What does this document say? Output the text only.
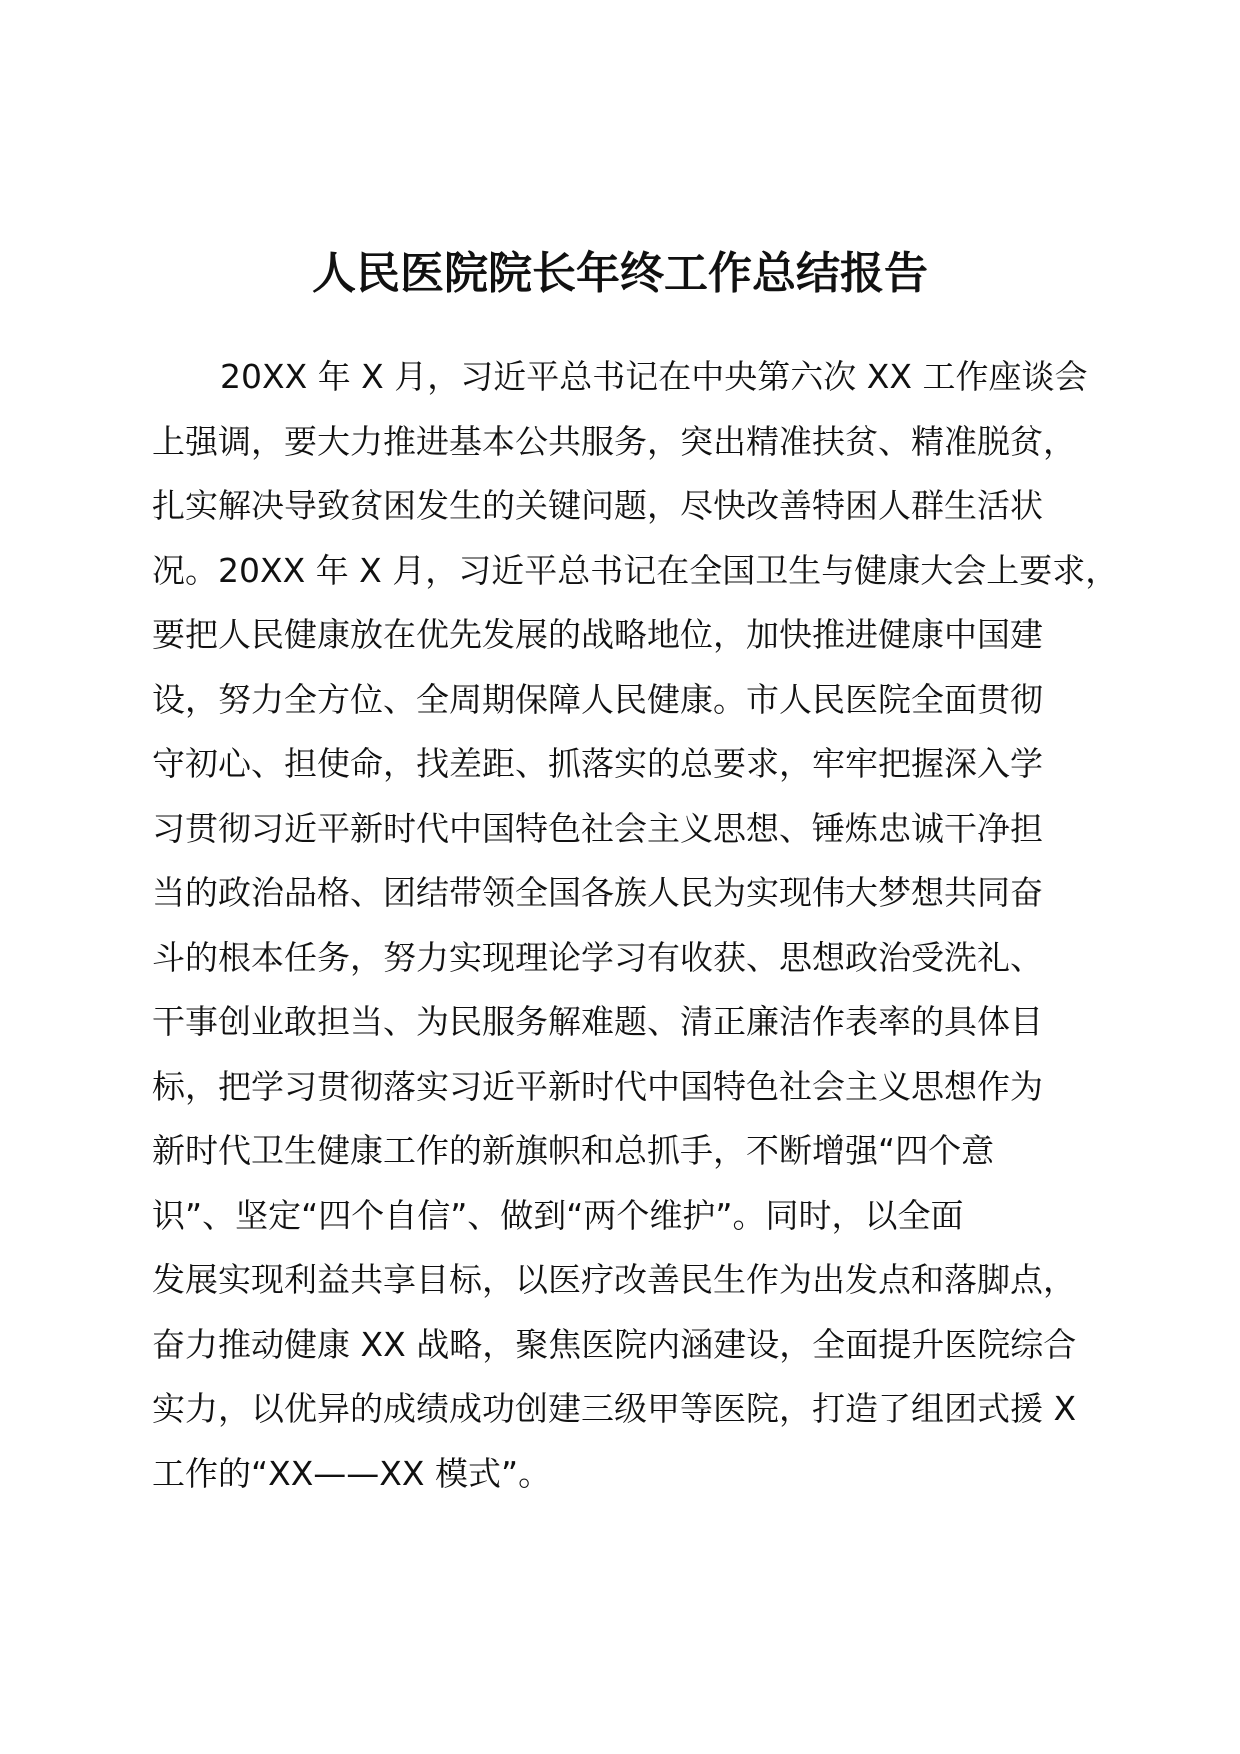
人民医院院长年终工作总结报告
20XX 年 X 月，习近平总书记在中央第六次 XX 工作座谈会
上强调，要大力推进基本公共服务，突出精准扶贫、精准脱贫，
扎实解决导致贫困发生的关键问题，尽快改善特困人群生活状
况。20XX 年 X 月，习近平总书记在全国卫生与健康大会上要求，
要把人民健康放在优先发展的战略地位，加快推进健康中国建
设，努力全方位、全周期保障人民健康。市人民医院全面贯彻
守初心、担使命，找差距、抓落实的总要求，牢牢把握深入学
习贯彻习近平新时代中国特色社会主义思想、锤炼忠诚干净担
当的政治品格、团结带领全国各族人民为实现伟大梦想共同奋
斗的根本任务，努力实现理论学习有收获、思想政治受洗礼、
干事创业敢担当、为民服务解难题、清正廉洁作表率的具体目
标，把学习贯彻落实习近平新时代中国特色社会主义思想作为
新时代卫生健康工作的新旗帜和总抓手，不断增强“四个意
识”、坚定“四个自信”、做到“两个维护”。同时，以全面
发展实现利益共享目标，以医疗改善民生作为出发点和落脚点，
奋力推动健康 XX 战略，聚焦医院内涵建设，全面提升医院综合
实力，以优异的成绩成功创建三级甲等医院，打造了组团式援 X
工作的“XX——XX 模式”。
